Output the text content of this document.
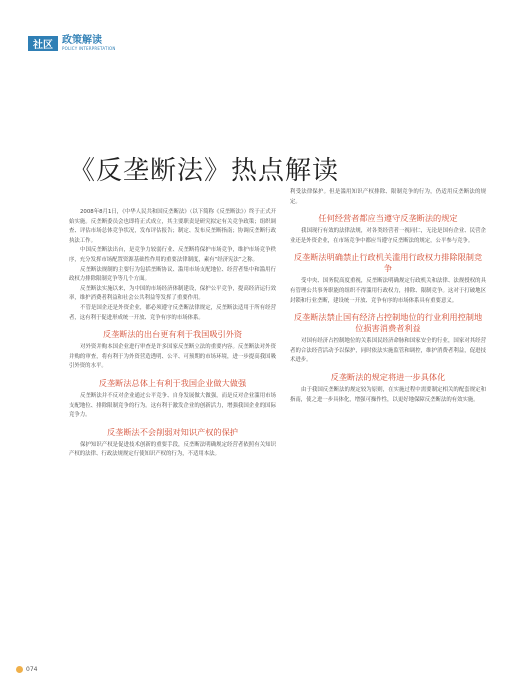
社区 政策解读
POLICY INTERPRETATION
《反垄断法》热点解读

2008年8月1日，《中华人民共和国反垄断法》（以下简称《反垄断法》）终于正式开始实施。反垄断委员会也即将正式成立，其主要职责是研究拟定有关竞争政策；组织调查、评估市场总体竞争状况，发布评估报告；制定、发布反垄断指南；协调反垄断行政执法工作。

中国反垄断法出台，是竞争力较弱行业、反垄断将保护市场竞争，维护市场竞争秩序，充分发挥市场配置资源基础性作用的重要法律制度，素有“经济宪法”之称。

反垄断法规制的主要行为包括垄断协议、滥用市场支配地位、经营者集中和滥用行政权力排除限制竞争等几个方面。

反垄断法实施以来，为中国的市场经济体制建设，保护公平竞争，提高经济运行效率，维护消费者利益和社会公共利益等发挥了重要作用。

不管是国企还是外资企业，都必须遵守反垄断法律规定，反垄断法适用于所有经营者，这有利于促进形成统一开放、竞争有序的市场体系。

反垄断法的出台更有利于我国吸引外资

对外资并购本国企业进行审查是许多国家反垄断立法的重要内容。反垄断法对外资并购的审查，将有利于为外资营造透明、公平、可预期的市场环境，进一步提高我国吸引外资的水平。

反垄断法总体上有利于我国企业做大做强

反垄断法并不反对企业通过公平竞争、自身发展做大做强，而是反对企业滥用市场支配地位、排除限制竞争的行为。这有利于激发企业的创新活力，增强我国企业的国际竞争力。

反垄断法不会削弱对知识产权的保护

保护知识产权是促进技术创新的重要手段，反垄断法明确规定经营者依照有关知识产权的法律、行政法规规定行使知识产权的行为，不适用本法。

利受法律保护。但是滥用知识产权排除、限制竞争的行为，仍适用反垄断法的规定。

任何经营者都应当遵守反垄断法的规定

我国现行有效的法律法规，对各类经营者一视同仁，无论是国有企业、民营企业还是外资企业，在市场竞争中都应当遵守反垄断法的规定，公平参与竞争。

反垄断法明确禁止行政机关滥用行政权力排除限制竞争

受中央、国务院高度重视，反垄断法明确规定行政机关和法律、法规授权的具有管理公共事务职能的组织不得滥用行政权力，排除、限制竞争。这对于打破地区封锁和行业垄断，建设统一开放、竞争有序的市场体系具有重要意义。

反垄断法禁止国有经济占控制地位的行业利用控制地位损害消费者利益

对国有经济占控制地位的关系国民经济命脉和国家安全的行业，国家对其经营者的合法经营活动予以保护，同时依法实施监管和调控，维护消费者利益，促进技术进步。

反垄断法的规定将进一步具体化

由于我国反垄断法的规定较为原则，在实施过程中需要制定相关的配套规定和指南，使之进一步具体化，增强可操作性，以更好地保障反垄断法的有效实施。

074
